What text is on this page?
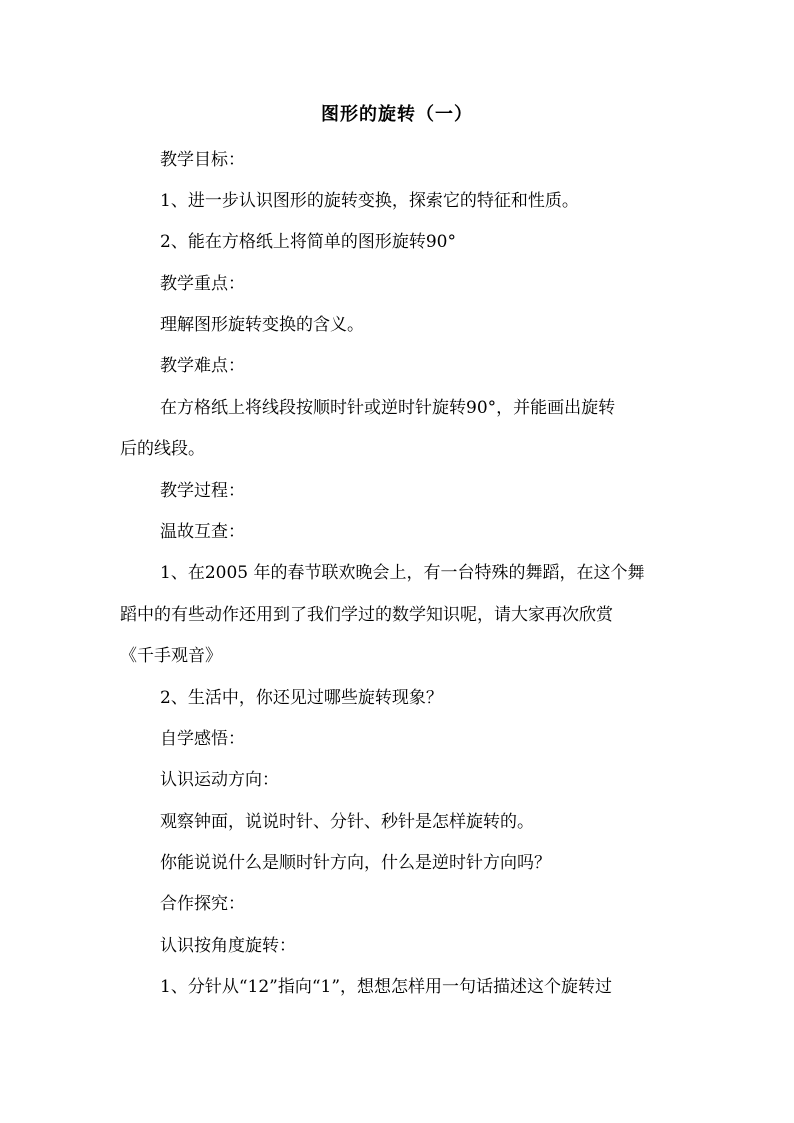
图形的旋转（一）
教学目标：
1、进一步认识图形的旋转变换，探索它的特征和性质。
2、能在方格纸上将简单的图形旋转90°
教学重点：
理解图形旋转变换的含义。
教学难点：
在方格纸上将线段按顺时针或逆时针旋转90°，并能画出旋转
后的线段。
教学过程：
温故互查：
1、在2005 年的春节联欢晚会上，有一台特殊的舞蹈，在这个舞
蹈中的有些动作还用到了我们学过的数学知识呢，请大家再次欣赏
《千手观音》
2、生活中，你还见过哪些旋转现象？
自学感悟：
认识运动方向：
观察钟面，说说时针、分针、秒针是怎样旋转的。
你能说说什么是顺时针方向，什么是逆时针方向吗？
合作探究：
认识按角度旋转：
1、分针从“12”指向“1”，想想怎样用一句话描述这个旋转过
